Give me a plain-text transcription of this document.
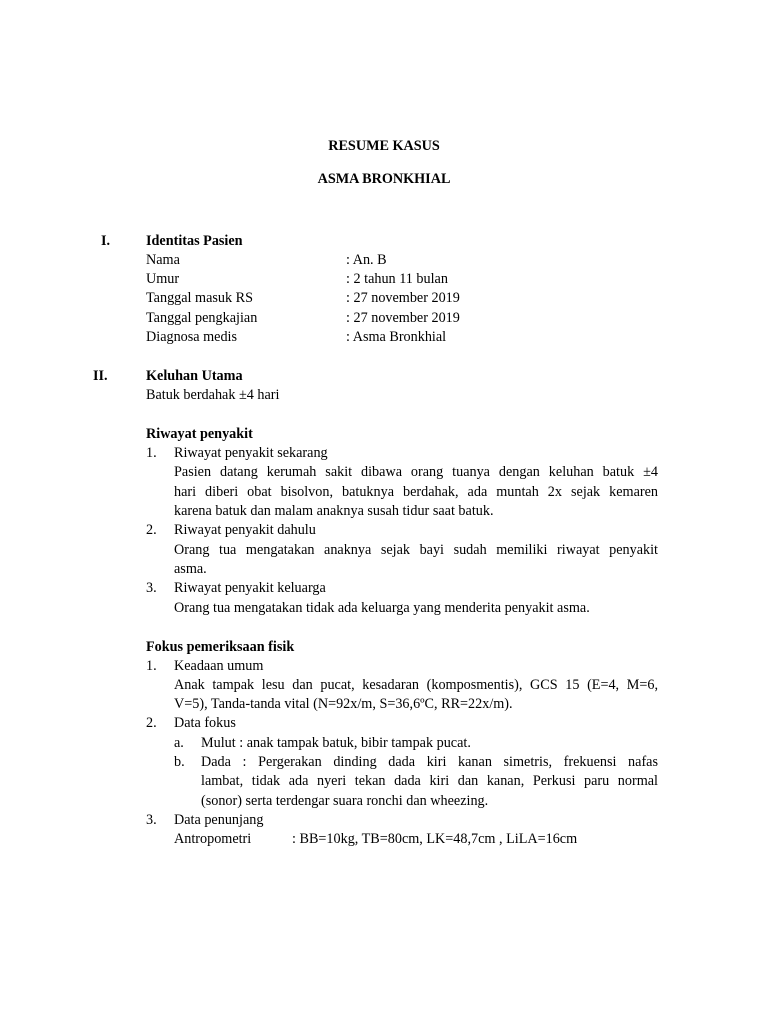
RESUME KASUS
ASMA BRONKHIAL
I.	Identitas Pasien
Nama	: An. B
Umur	: 2 tahun 11 bulan
Tanggal masuk RS	: 27 november 2019
Tanggal pengkajian	: 27 november 2019
Diagnosa medis	: Asma Bronkhial
II.	Keluhan Utama
Batuk berdahak ±4 hari
Riwayat penyakit
1. Riwayat penyakit sekarang
Pasien datang kerumah sakit dibawa orang tuanya dengan keluhan batuk ±4
hari diberi obat bisolvon, batuknya berdahak, ada muntah 2x sejak kemaren
karena batuk dan malam anaknya susah tidur saat batuk.
2. Riwayat penyakit dahulu
Orang tua mengatakan anaknya sejak bayi sudah memiliki riwayat penyakit
asma.
3. Riwayat penyakit keluarga
Orang tua mengatakan tidak ada keluarga yang menderita penyakit asma.
Fokus pemeriksaan fisik
1. Keadaan umum
Anak tampak lesu dan pucat, kesadaran (komposmentis), GCS 15 (E=4, M=6,
V=5), Tanda-tanda vital (N=92x/m, S=36,6ºC, RR=22x/m).
2. Data fokus
a. Mulut : anak tampak batuk, bibir tampak pucat.
b. Dada : Pergerakan dinding dada kiri kanan simetris, frekuensi nafas
lambat, tidak ada nyeri tekan dada kiri dan kanan, Perkusi paru normal
(sonor) serta terdengar suara ronchi dan wheezing.
3. Data penunjang
Antropometri	: BB=10kg, TB=80cm, LK=48,7cm , LiLA=16cm
